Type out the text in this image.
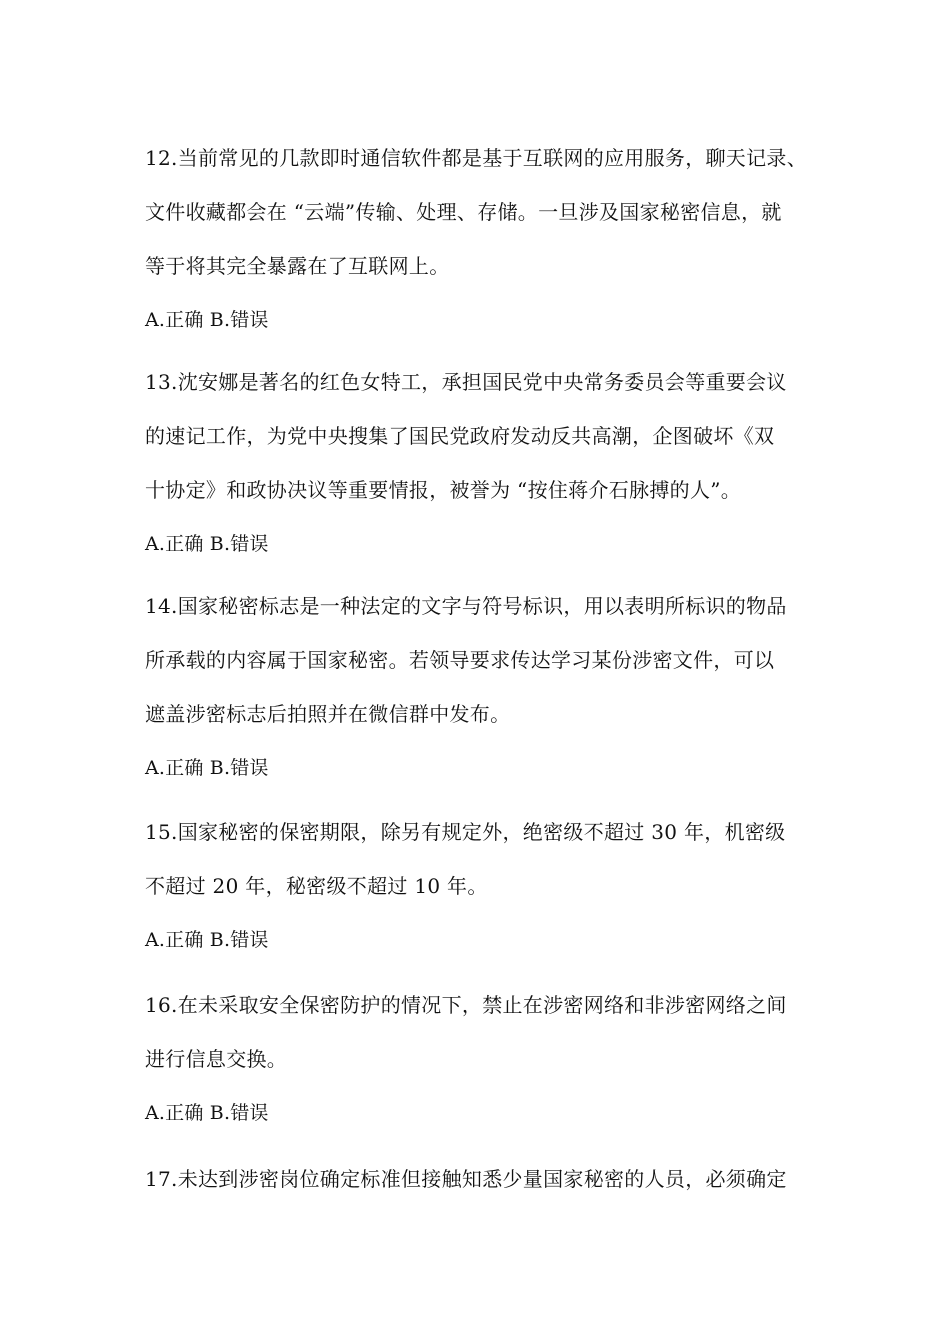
12.当前常见的几款即时通信软件都是基于互联网的应用服务，聊天记录、
文件收藏都会在 “云端”传输、处理、存储。一旦涉及国家秘密信息，就
等于将其完全暴露在了互联网上。
A.正确 B.错误
13.沈安娜是著名的红色女特工，承担国民党中央常务委员会等重要会议
的速记工作，为党中央搜集了国民党政府发动反共高潮，企图破坏《双
十协定》和政协决议等重要情报，被誉为 “按住蒋介石脉搏的人”。
A.正确 B.错误
14.国家秘密标志是一种法定的文字与符号标识，用以表明所标识的物品
所承载的内容属于国家秘密。若领导要求传达学习某份涉密文件，可以
遮盖涉密标志后拍照并在微信群中发布。
A.正确 B.错误
15.国家秘密的保密期限，除另有规定外，绝密级不超过 30 年，机密级
不超过 20 年，秘密级不超过 10 年。
A.正确 B.错误
16.在未采取安全保密防护的情况下，禁止在涉密网络和非涉密网络之间
进行信息交换。
A.正确 B.错误
17.未达到涉密岗位确定标准但接触知悉少量国家秘密的人员，必须确定
